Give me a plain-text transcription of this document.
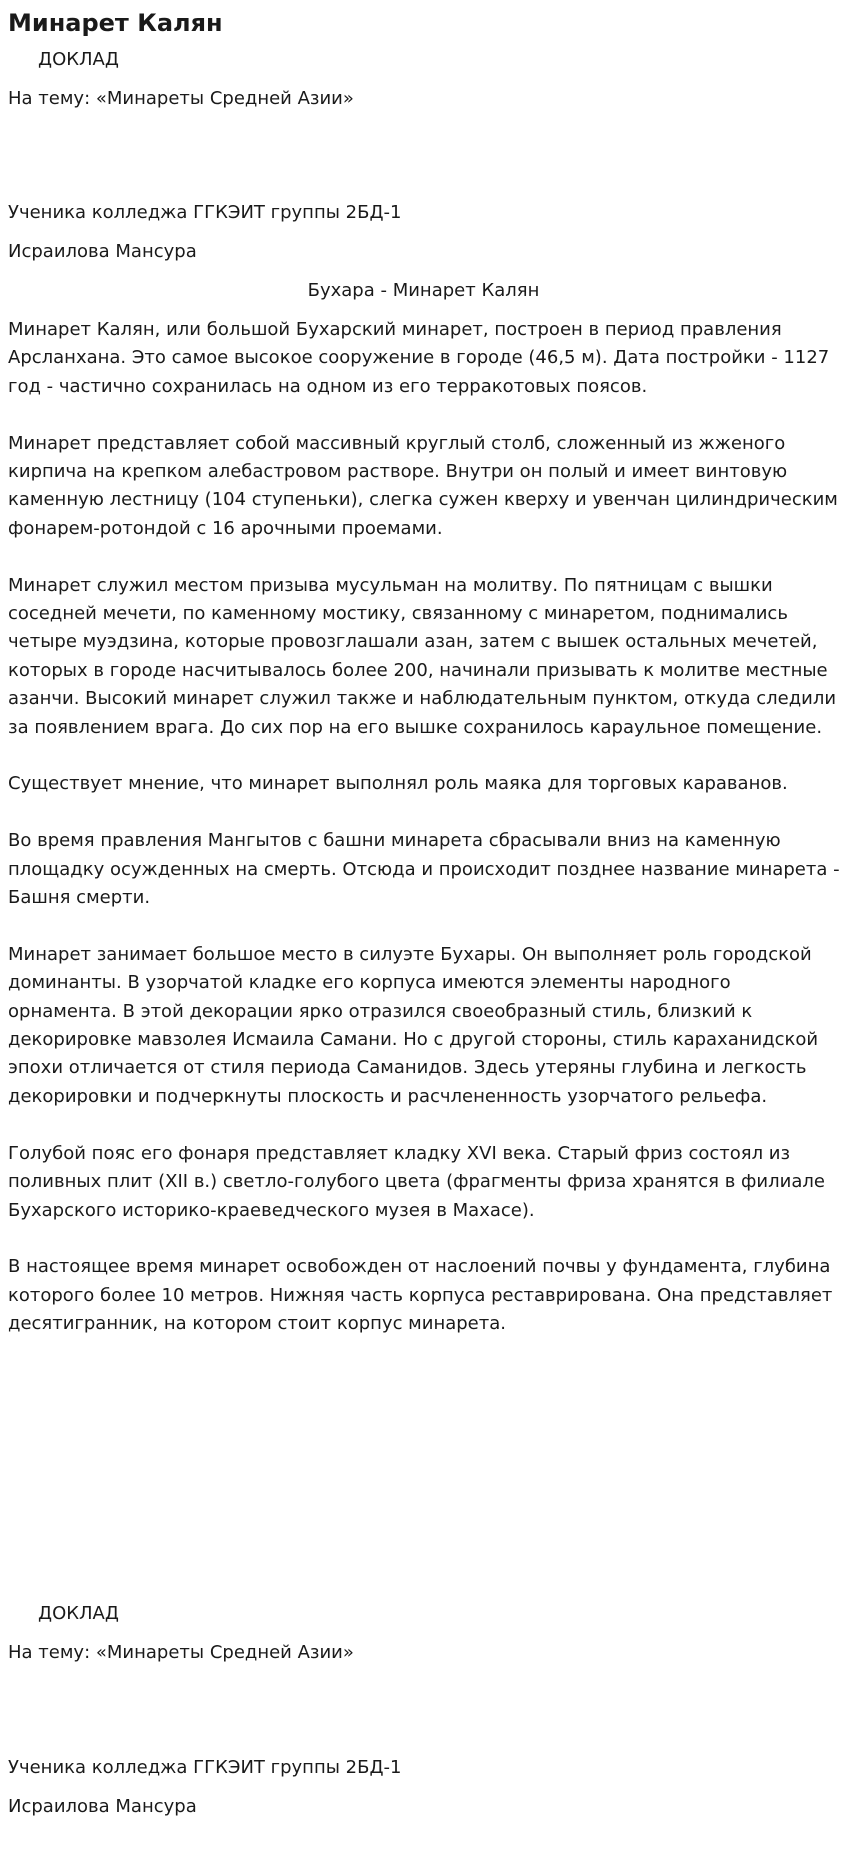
Минарет Калян
ДОКЛАД
На тему: «Минареты Средней Азии»
Ученика колледжа ГГКЭИТ группы 2БД-1
Исраилова Мансура
Бухара - Минарет Калян

Минарет Калян, или большой Бухарский минарет, построен в период правления Арсланхана. Это самое высокое сооружение в городе (46,5 м). Дата постройки - 1127 год - частично сохранилась на одном из его терракотовых поясов.

Минарет представляет собой массивный круглый столб, сложенный из жженого кирпича на крепком алебастровом растворе. Внутри он полый и имеет винтовую каменную лестницу (104 ступеньки), слегка сужен кверху и увенчан цилиндрическим фонарем-ротондой с 16 арочными проемами.

Минарет служил местом призыва мусульман на молитву. По пятницам с вышки соседней мечети, по каменному мостику, связанному с минаретом, поднимались четыре муэдзина, которые провозглашали азан, затем с вышек остальных мечетей, которых в городе насчитывалось более 200, начинали призывать к молитве местные азанчи. Высокий минарет служил также и наблюдательным пунктом, откуда следили за появлением врага. До сих пор на его вышке сохранилось караульное помещение.

Существует мнение, что минарет выполнял роль маяка для торговых караванов.

Во время правления Мангытов с башни минарета сбрасывали вниз на каменную площадку осужденных на смерть. Отсюда и происходит позднее название минарета - Башня смерти.

Минарет занимает большое место в силуэте Бухары. Он выполняет роль городской доминанты. В узорчатой кладке его корпуса имеются элементы народного орнамента. В этой декорации ярко отразился своеобразный стиль, близкий к декорировке мавзолея Исмаила Самани. Но с другой стороны, стиль караханидской эпохи отличается от стиля периода Саманидов. Здесь утеряны глубина и легкость декорировки и подчеркнуты плоскость и расчлененность узорчатого рельефа.

Голубой пояс его фонаря представляет кладку XVI века. Старый фриз состоял из поливных плит (XII в.) светло-голубого цвета (фрагменты фриза хранятся в филиале Бухарского историко-краеведческого музея в Махасе).

В настоящее время минарет освобожден от наслоений почвы у фундамента, глубина которого более 10 метров. Нижняя часть корпуса реставрирована. Она представляет десятигранник, на котором стоит корпус минарета.

ДОКЛАД
На тему: «Минареты Средней Азии»
Ученика колледжа ГГКЭИТ группы 2БД-1
Исраилова Мансура
